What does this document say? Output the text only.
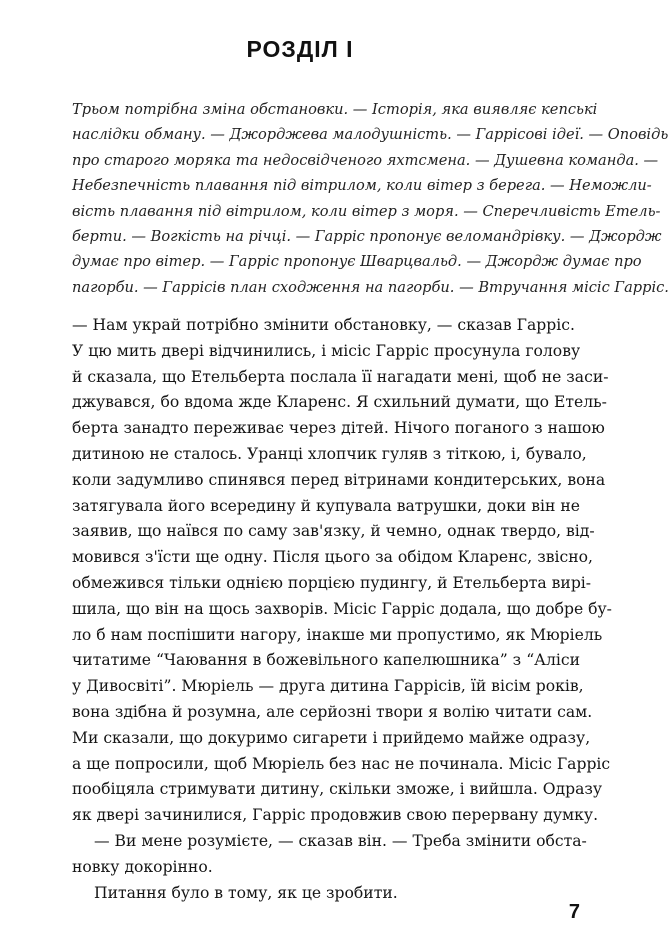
РОЗДІЛ І
Трьом потрібна зміна обстановки. — Історія, яка виявляє кепські
наслідки обману. — Джорджева малодушність. — Гаррісові ідеї. — Оповідь
про старого моряка та недосвідченого яхтсмена. — Душевна команда. —
Небезпечність плавання під вітрилом, коли вітер з берега. — Неможли-
вість плавання під вітрилом, коли вітер з моря. — Сперечливість Етель-
берти. — Вогкість на річці. — Гарріс пропонує веломандрівку. — Джордж
думає про вітер. — Гарріс пропонує Шварцвальд. — Джордж думає про
пагорби. — Гаррісів план сходження на пагорби. — Втручання місіс Гарріс.
— Нам украй потрібно змінити обстановку, — сказав Гарріс.
У цю мить двері відчинились, і місіс Гарріс просунула голову
й сказала, що Етельберта послала її нагадати мені, щоб не заси-
джувався, бо вдома жде Кларенс. Я схильний думати, що Етель-
берта занадто переживає через дітей. Нічого поганого з нашою
дитиною не сталось. Уранці хлопчик гуляв з тіткою, і, бувало,
коли задумливо спинявся перед вітринами кондитерських, вона
затягувала його всередину й купувала ватрушки, доки він не
заявив, що наївся по саму зав'язку, й чемно, однак твердо, від-
мовився з'їсти ще одну. Після цього за обідом Кларенс, звісно,
обмежився тільки однією порцією пудингу, й Етельберта вирі-
шила, що він на щось захворів. Місіс Гарріс додала, що добре бу-
ло б нам поспішити нагору, інакше ми пропустимо, як Мюріель
читатиме “Чаювання в божевільного капелюшника” з “Аліси
у Дивосвіті”. Мюріель — друга дитина Гаррісів, їй вісім років,
вона здібна й розумна, але серйозні твори я волію читати сам.
Ми сказали, що докуримо сигарети і прийдемо майже одразу,
а ще попросили, щоб Мюріель без нас не починала. Місіс Гарріс
пообіцяла стримувати дитину, скільки зможе, і вийшла. Одразу
як двері зачинилися, Гарріс продовжив свою перервану думку.
— Ви мене розумієте, — сказав він. — Треба змінити обста-
новку докорінно.
Питання було в тому, як це зробити.
7
